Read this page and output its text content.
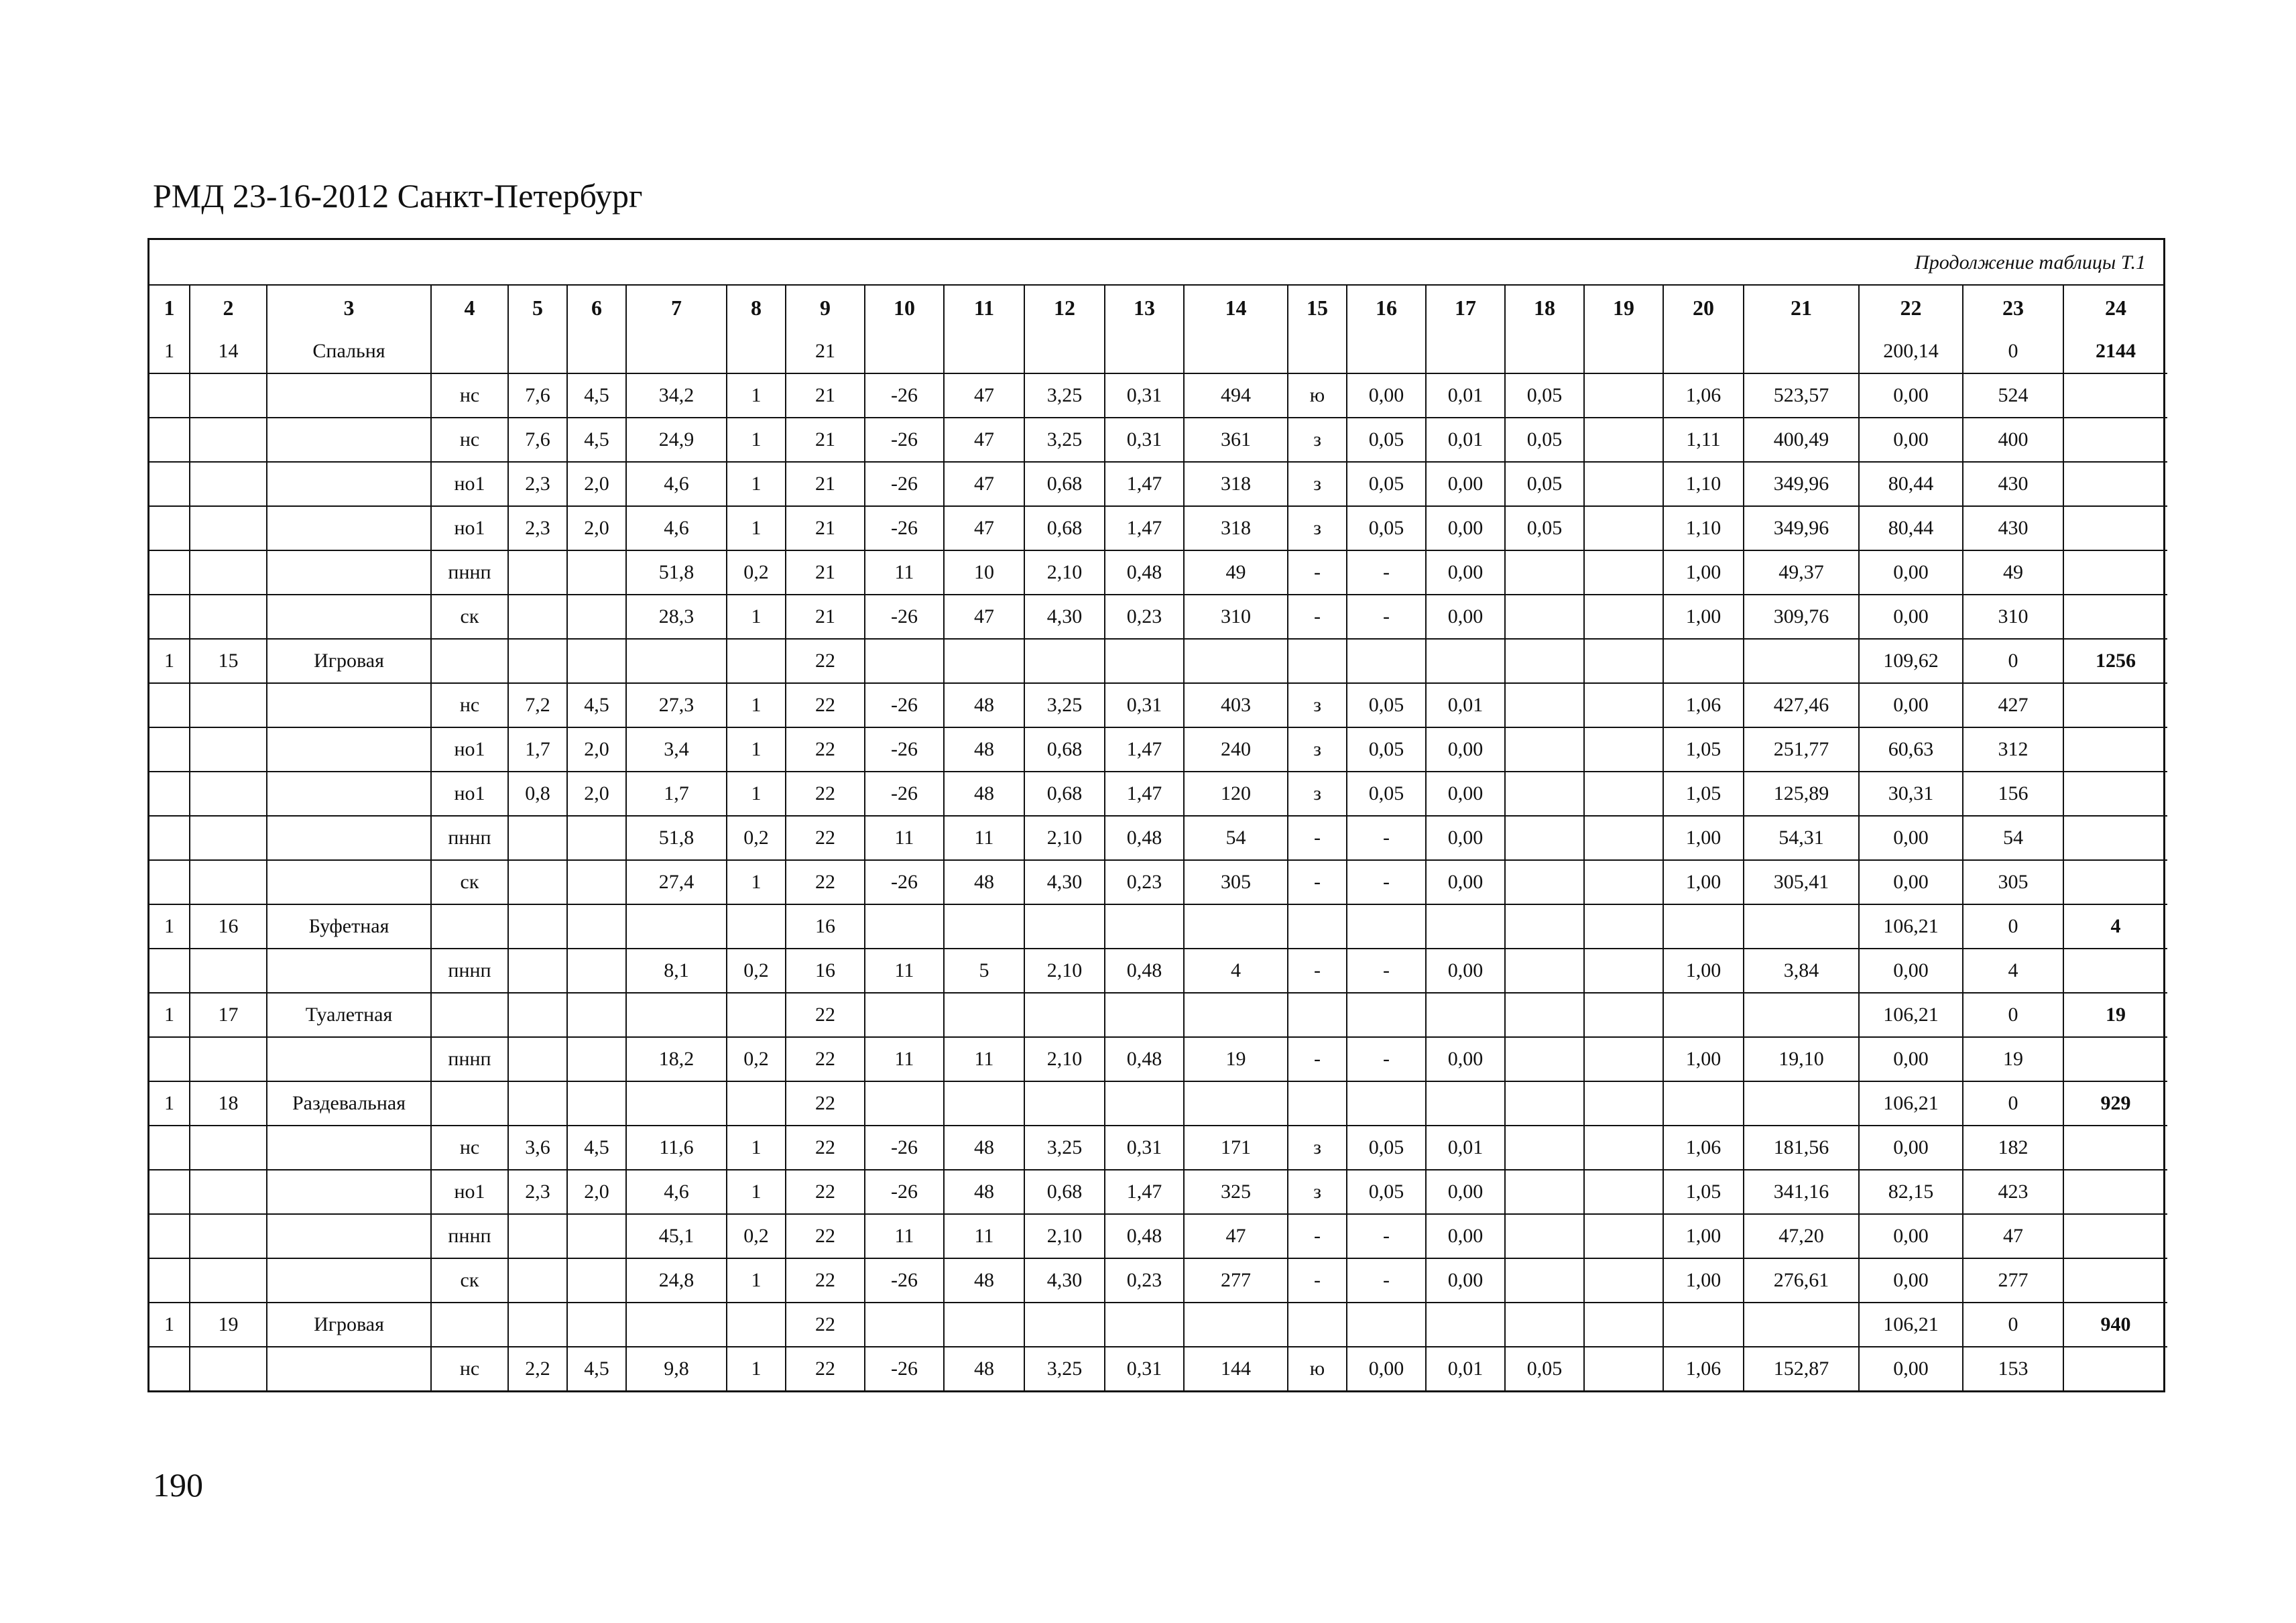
РМД 23-16-2012 Санкт-Петербург
Продолжение таблицы Т.1
1	2	3	4	5	6	7	8	9	10	11	12	13	14	15	16	17	18	19	20	21	22	23	24
1	14	Спальня						21													200,14	0	2144
			нс	7,6	4,5	34,2	1	21	-26	47	3,25	0,31	494	ю	0,00	0,01	0,05		1,06	523,57	0,00	524	
			нс	7,6	4,5	24,9	1	21	-26	47	3,25	0,31	361	з	0,05	0,01	0,05		1,11	400,49	0,00	400	
			но1	2,3	2,0	4,6	1	21	-26	47	0,68	1,47	318	з	0,05	0,00	0,05		1,10	349,96	80,44	430	
			но1	2,3	2,0	4,6	1	21	-26	47	0,68	1,47	318	з	0,05	0,00	0,05		1,10	349,96	80,44	430	
			пннп			51,8	0,2	21	11	10	2,10	0,48	49	-	-	0,00			1,00	49,37	0,00	49	
			ск			28,3	1	21	-26	47	4,30	0,23	310	-	-	0,00			1,00	309,76	0,00	310	
1	15	Игровая						22													109,62	0	1256
			нс	7,2	4,5	27,3	1	22	-26	48	3,25	0,31	403	з	0,05	0,01			1,06	427,46	0,00	427	
			но1	1,7	2,0	3,4	1	22	-26	48	0,68	1,47	240	з	0,05	0,00			1,05	251,77	60,63	312	
			но1	0,8	2,0	1,7	1	22	-26	48	0,68	1,47	120	з	0,05	0,00			1,05	125,89	30,31	156	
			пннп			51,8	0,2	22	11	11	2,10	0,48	54	-	-	0,00			1,00	54,31	0,00	54	
			ск			27,4	1	22	-26	48	4,30	0,23	305	-	-	0,00			1,00	305,41	0,00	305	
1	16	Буфетная						16													106,21	0	4
			пннп			8,1	0,2	16	11	5	2,10	0,48	4	-	-	0,00			1,00	3,84	0,00	4	
1	17	Туалетная						22													106,21	0	19
			пннп			18,2	0,2	22	11	11	2,10	0,48	19	-	-	0,00			1,00	19,10	0,00	19	
1	18	Раздевальная						22													106,21	0	929
			нс	3,6	4,5	11,6	1	22	-26	48	3,25	0,31	171	з	0,05	0,01			1,06	181,56	0,00	182	
			но1	2,3	2,0	4,6	1	22	-26	48	0,68	1,47	325	з	0,05	0,00			1,05	341,16	82,15	423	
			пннп			45,1	0,2	22	11	11	2,10	0,48	47	-	-	0,00			1,00	47,20	0,00	47	
			ск			24,8	1	22	-26	48	4,30	0,23	277	-	-	0,00			1,00	276,61	0,00	277	
1	19	Игровая						22													106,21	0	940
			нс	2,2	4,5	9,8	1	22	-26	48	3,25	0,31	144	ю	0,00	0,01	0,05		1,06	152,87	0,00	153	
190
